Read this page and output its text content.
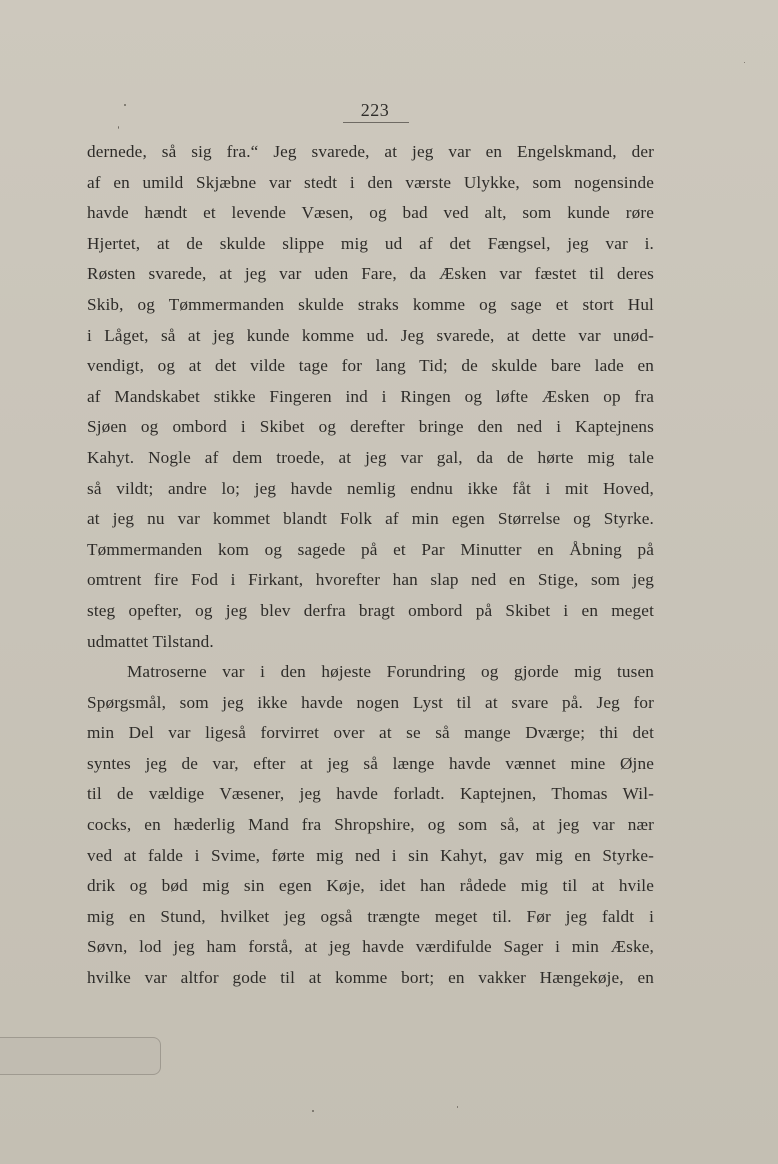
223
dernede, så sig fra.“ Jeg svarede, at jeg var en Engelskmand, der
af en umild Skjæbne var stedt i den værste Ulykke, som nogensinde
havde hændt et levende Væsen, og bad ved alt, som kunde røre
Hjertet, at de skulde slippe mig ud af det Fængsel, jeg var i.
Røsten svarede, at jeg var uden Fare, da Æsken var fæstet til deres
Skib, og Tømmermanden skulde straks komme og sage et stort Hul
i Låget, så at jeg kunde komme ud. Jeg svarede, at dette var unød-
vendigt, og at det vilde tage for lang Tid; de skulde bare lade en
af Mandskabet stikke Fingeren ind i Ringen og løfte Æsken op fra
Sjøen og ombord i Skibet og derefter bringe den ned i Kaptejnens
Kahyt. Nogle af dem troede, at jeg var gal, da de hørte mig tale
så vildt; andre lo; jeg havde nemlig endnu ikke fåt i mit Hoved,
at jeg nu var kommet blandt Folk af min egen Størrelse og Styrke.
Tømmermanden kom og sagede på et Par Minutter en Åbning på
omtrent fire Fod i Firkant, hvorefter han slap ned en Stige, som jeg
steg opefter, og jeg blev derfra bragt ombord på Skibet i en meget
udmattet Tilstand.
Matroserne var i den højeste Forundring og gjorde mig tusen
Spørgsmål, som jeg ikke havde nogen Lyst til at svare på. Jeg for
min Del var ligeså forvirret over at se så mange Dværge; thi det
syntes jeg de var, efter at jeg så længe havde vænnet mine Øjne
til de vældige Væsener, jeg havde forladt. Kaptejnen, Thomas Wil-
cocks, en hæderlig Mand fra Shropshire, og som så, at jeg var nær
ved at falde i Svime, førte mig ned i sin Kahyt, gav mig en Styrke-
drik og bød mig sin egen Køje, idet han rådede mig til at hvile
mig en Stund, hvilket jeg også trængte meget til. Før jeg faldt i
Søvn, lod jeg ham forstå, at jeg havde værdifulde Sager i min Æske,
hvilke var altfor gode til at komme bort; en vakker Hængekøje, en
